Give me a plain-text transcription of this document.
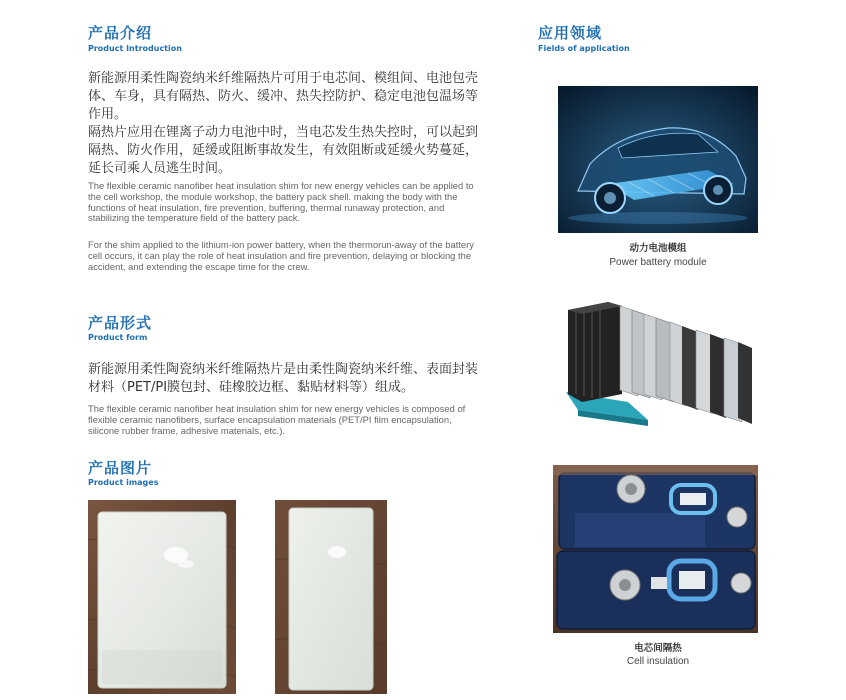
产品介绍
Product Introduction

新能源用柔性陶瓷纳米纤维隔热片可用于电芯间、模组间、电池包壳体、车身，具有隔热、防火、缓冲、热失控防护、稳定电池包温场等作用。

隔热片应用在锂离子动力电池中时，当电芯发生热失控时，可以起到隔热、防火作用，延缓或阻断事故发生，有效阻断或延缓火势蔓延，延长司乘人员逃生时间。

The flexible ceramic nanofiber heat insulation shim for new energy vehicles can be applied to the cell workshop, the module workshop, the battery pack shell. making the body with the functions of heat insulation, fire prevention, buffering, thermal runaway protection, and stabilizing the temperature field of the battery pack.

For the shim applied to the lithium-ion power battery, when the thermorun-away of the battery cell occurs, it can play the role of heat insulation and fire prevention, delaying or blocking the accident, and extending the escape time for the crew.

产品形式
Product form

新能源用柔性陶瓷纳米纤维隔热片是由柔性陶瓷纳米纤维、表面封装材料（PET/PI膜包封、硅橡胶边框、黏贴材料等）组成。

The flexible ceramic nanofiber heat insulation shim for new energy vehicles is composed of flexible ceramic nanofibers, surface encapsulation materials (PET/PI film encapsulation, silicone rubber frame, adhesive materials, etc.).

产品图片
Product images
应用领域
Fields of application
动力电池模组
Power battery module
电芯间隔热
Cell insulation
